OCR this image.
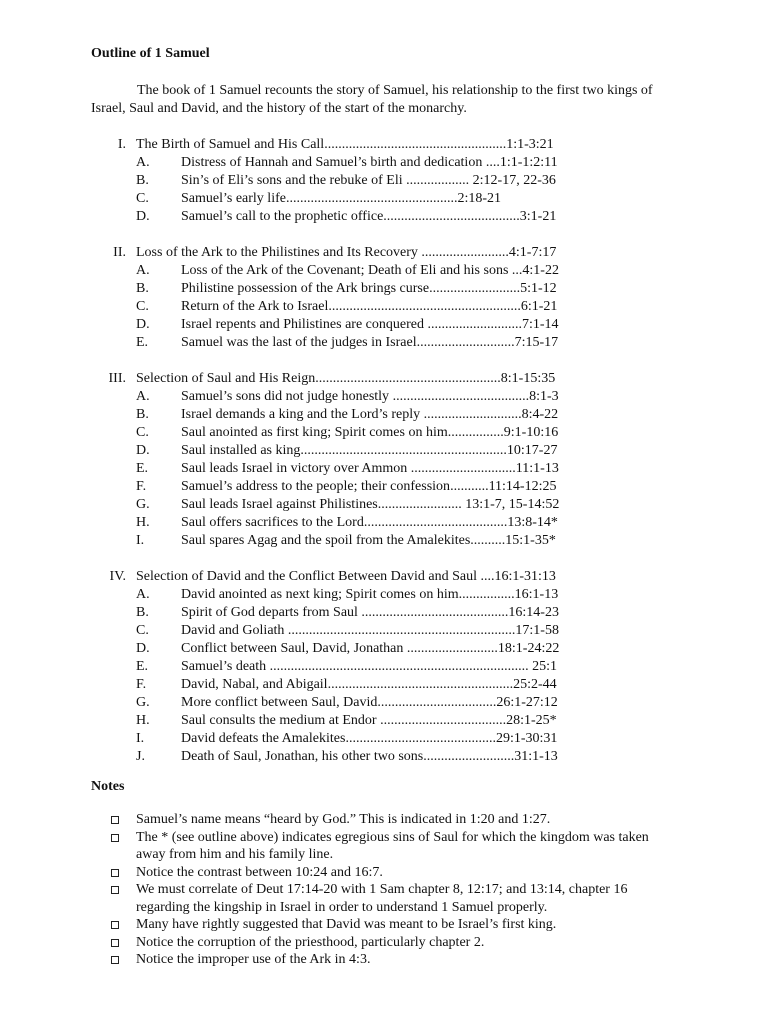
Outline of 1 Samuel
The book of 1 Samuel recounts the story of Samuel, his relationship to the first two kings of Israel, Saul and David, and the history of the start of the monarchy.
I. The Birth of Samuel and His Call....................................................1:1-3:21
A. Distress of Hannah and Samuel’s birth and dedication ....1:1-1:2:11
B. Sin’s of Eli’s sons and the rebuke of Eli .................. 2:12-17, 22-36
C. Samuel’s early life.................................................2:18-21
D. Samuel’s call to the prophetic office.......................................3:1-21
II. Loss of the Ark to the Philistines and Its Recovery .........................4:1-7:17
A. Loss of the Ark of the Covenant; Death of Eli and his sons ...4:1-22
B. Philistine possession of the Ark brings curse..........................5:1-12
C. Return of the Ark to Israel.......................................................6:1-21
D. Israel repents and Philistines are conquered ...........................7:1-14
E. Samuel was the last of the judges in Israel............................7:15-17
III. Selection of Saul and His Reign.....................................................8:1-15:35
A. Samuel’s sons did not judge honestly .......................................8:1-3
B. Israel demands a king and the Lord’s reply ............................8:4-22
C. Saul anointed as first king; Spirit comes on him................9:1-10:16
D. Saul installed as king...........................................................10:17-27
E. Saul leads Israel in victory over Ammon ..............................11:1-13
F. Samuel’s address to the people; their confession...........11:14-12:25
G. Saul leads Israel against Philistines........................ 13:1-7, 15-14:52
H. Saul offers sacrifices to the Lord.........................................13:8-14*
I.	Saul spares Agag and the spoil from the Amalekites..........15:1-35*
IV. Selection of David and the Conflict Between David and Saul ....16:1-31:13
A. David anointed as next king; Spirit comes on him................16:1-13
B. Spirit of God departs from Saul ..........................................16:14-23
C. David and Goliath .................................................................17:1-58
D. Conflict between Saul, David, Jonathan ..........................18:1-24:22
E. Samuel’s death .......................................................................... 25:1
F. David, Nabal, and Abigail.....................................................25:2-44
G. More conflict between Saul, David..................................26:1-27:12
H. Saul consults the medium at Endor ....................................28:1-25*
I.	David defeats the Amalekites...........................................29:1-30:31
J.	Death of Saul, Jonathan, his other two sons..........................31:1-13
Notes
Samuel’s name means “heard by God.” This is indicated in 1:20 and 1:27.
The * (see outline above) indicates egregious sins of Saul for which the kingdom was taken away from him and his family line.
Notice the contrast between 10:24 and 16:7.
We must correlate of Deut 17:14-20 with 1 Sam chapter 8, 12:17; and 13:14, chapter 16 regarding the kingship in Israel in order to understand 1 Samuel properly.
Many have rightly suggested that David was meant to be Israel’s first king.
Notice the corruption of the priesthood, particularly chapter 2.
Notice the improper use of the Ark in 4:3.
